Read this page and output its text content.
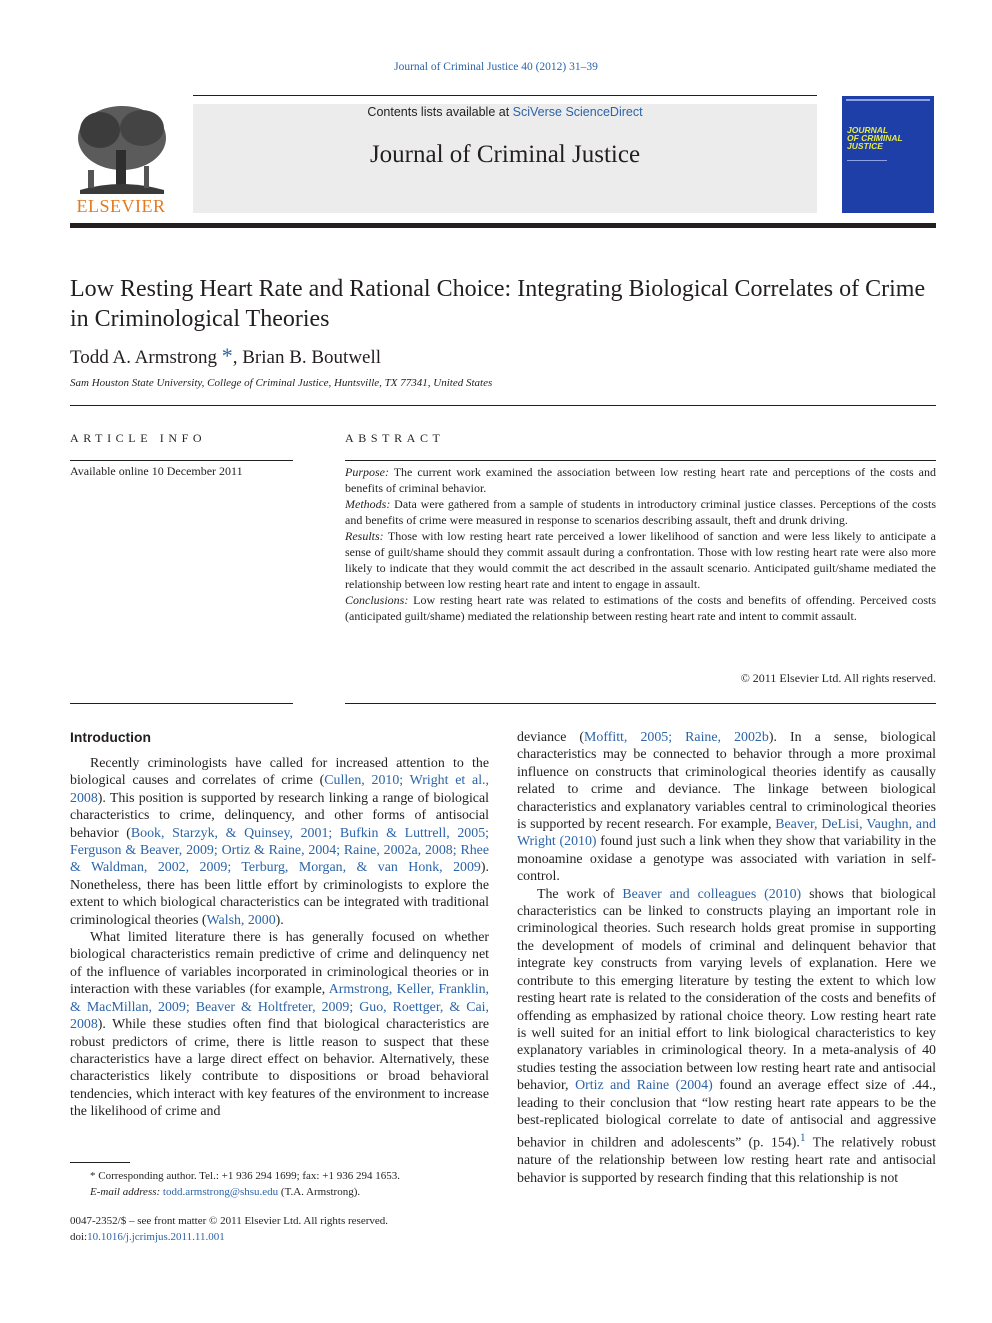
Journal of Criminal Justice 40 (2012) 31–39
ELSEVIER
Contents lists available at SciVerse ScienceDirect
Journal of Criminal Justice
JOURNAL
OF CRIMINAL
JUSTICE
Low Resting Heart Rate and Rational Choice: Integrating Biological Correlates of Crime in Criminological Theories
Todd A. Armstrong *, Brian B. Boutwell
Sam Houston State University, College of Criminal Justice, Huntsville, TX 77341, United States
ARTICLE INFO	ABSTRACT
Available online 10 December 2011	Purpose: The current work examined the association between low resting heart rate and perceptions of the costs and benefits of criminal behavior.

Methods: Data were gathered from a sample of students in introductory criminal justice classes. Perceptions of the costs and benefits of crime were measured in response to scenarios describing assault, theft and drunk driving.

Results: Those with low resting heart rate perceived a lower likelihood of sanction and were less likely to anticipate a sense of guilt/shame should they commit assault during a confrontation. Those with low resting heart rate were also more likely to indicate that they would commit the act described in the assault scenario. Anticipated guilt/shame mediated the relationship between low resting heart rate and intent to engage in assault.

Conclusions: Low resting heart rate was related to estimations of the costs and benefits of offending. Perceived costs (anticipated guilt/shame) mediated the relationship between resting heart rate and intent to commit assault.

© 2011 Elsevier Ltd. All rights reserved.
Introduction

Recently criminologists have called for increased attention to the biological causes and correlates of crime (Cullen, 2010; Wright et al., 2008). This position is supported by research linking a range of biological characteristics to crime, delinquency, and other forms of antisocial behavior (Book, Starzyk, & Quinsey, 2001; Bufkin & Luttrell, 2005; Ferguson & Beaver, 2009; Ortiz & Raine, 2004; Raine, 2002a, 2008; Rhee & Waldman, 2002, 2009; Terburg, Morgan, & van Honk, 2009). Nonetheless, there has been little effort by criminologists to explore the extent to which biological characteristics can be integrated with traditional criminological theories (Walsh, 2000).

What limited literature there is has generally focused on whether biological characteristics remain predictive of crime and delinquency net of the influence of variables incorporated in criminological theories or in interaction with these variables (for example, Armstrong, Keller, Franklin, & MacMillan, 2009; Beaver & Holtfreter, 2009; Guo, Roettger, & Cai, 2008). While these studies often find that biological characteristics are robust predictors of crime, there is little reason to suspect that these characteristics have a large direct effect on behavior. Alternatively, these characteristics likely contribute to dispositions or broad behavioral tendencies, which interact with key features of the environment to increase the likelihood of crime and

deviance (Moffitt, 2005; Raine, 2002b). In a sense, biological characteristics may be connected to behavior through a more proximal influence on constructs that criminological theories identify as causally related to crime and deviance. The linkage between biological characteristics and explanatory variables central to criminological theories is supported by recent research. For example, Beaver, DeLisi, Vaughn, and Wright (2010) found just such a link when they show that variability in the monoamine oxidase a genotype was associated with variation in self-control.

The work of Beaver and colleagues (2010) shows that biological characteristics can be linked to constructs playing an important role in criminological theories. Such research holds great promise in supporting the development of models of criminal and delinquent behavior that integrate key constructs from varying levels of explanation. Here we contribute to this emerging literature by testing the extent to which low resting heart rate is related to the consideration of the costs and benefits of offending as emphasized by rational choice theory. Low resting heart rate is well suited for an initial effort to link biological characteristics to key explanatory variables in criminological theory. In a meta-analysis of 40 studies testing the association between low resting heart rate and antisocial behavior, Ortiz and Raine (2004) found an average effect size of .44., leading to their conclusion that “low resting heart rate appears to be the best-replicated biological correlate to date of antisocial and aggressive behavior in children and adolescents” (p. 154).$^1$ The relatively robust nature of the relationship between low resting heart rate and antisocial behavior is supported by research finding that this relationship is not

* Corresponding author. Tel.: +1 936 294 1699; fax: +1 936 294 1653.
E-mail address: todd.armstrong@shsu.edu (T.A. Armstrong).
0047-2352/$ – see front matter © 2011 Elsevier Ltd. All rights reserved.
doi:10.1016/j.jcrimjus.2011.11.001
